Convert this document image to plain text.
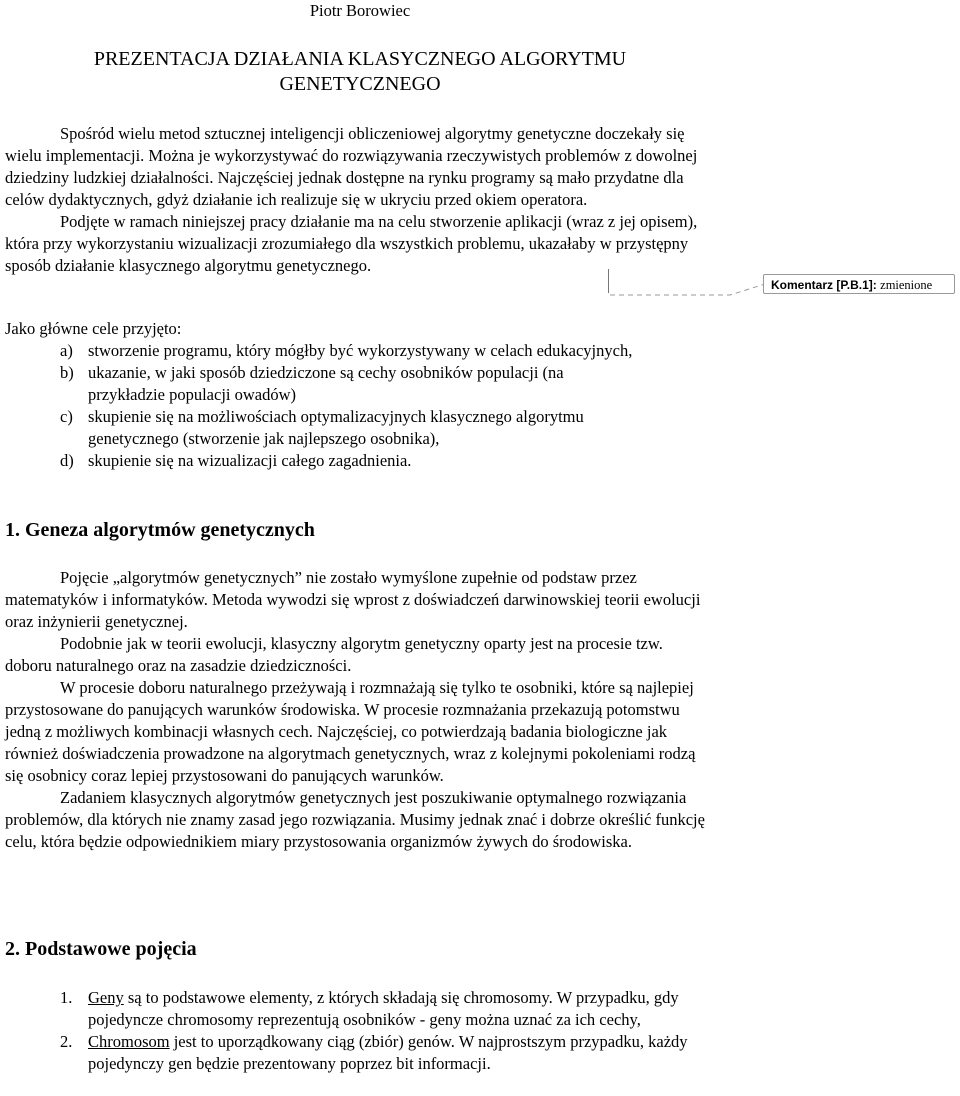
Piotr Borowiec
PREZENTACJA DZIAŁANIA KLASYCZNEGO ALGORYTMU
GENETYCZNEGO

Spośród wielu metod sztucznej inteligencji obliczeniowej algorytmy genetyczne doczekały się wielu implementacji. Można je wykorzystywać do rozwiązywania rzeczywistych problemów z dowolnej dziedziny ludzkiej działalności. Najczęściej jednak dostępne na rynku programy są mało przydatne dla celów dydaktycznych, gdyż działanie ich realizuje się w ukryciu przed okiem operatora.

Podjęte w ramach niniejszej pracy działanie ma na celu stworzenie aplikacji (wraz z jej opisem), która przy wykorzystaniu wizualizacji zrozumiałego dla wszystkich problemu, ukazałaby w przystępny sposób działanie klasycznego algorytmu genetycznego.

Komentarz [P.B.1]: zmienione

Jako główne cele przyjęto:

a) stworzenie programu, który mógłby być wykorzystywany w celach edukacyjnych,
b) ukazanie, w jaki sposób dziedziczone są cechy osobników populacji (na przykładzie populacji owadów)
c) skupienie się na możliwościach optymalizacyjnych klasycznego algorytmu genetycznego (stworzenie jak najlepszego osobnika),
d) skupienie się na wizualizacji całego zagadnienia.
1. Geneza algorytmów genetycznych

Pojęcie „algorytmów genetycznych” nie zostało wymyślone zupełnie od podstaw przez matematyków i informatyków. Metoda wywodzi się wprost z doświadczeń darwinowskiej teorii ewolucji oraz inżynierii genetycznej.

Podobnie jak w teorii ewolucji, klasyczny algorytm genetyczny oparty jest na procesie tzw. doboru naturalnego oraz na zasadzie dziedziczności.

W procesie doboru naturalnego przeżywają i rozmnażają się tylko te osobniki, które są najlepiej przystosowane do panujących warunków środowiska. W procesie rozmnażania przekazują potomstwu jedną z możliwych kombinacji własnych cech. Najczęściej, co potwierdzają badania biologiczne jak również doświadczenia prowadzone na algorytmach genetycznych, wraz z kolejnymi pokoleniami rodzą się osobnicy coraz lepiej przystosowani do panujących warunków.

Zadaniem klasycznych algorytmów genetycznych jest poszukiwanie optymalnego rozwiązania problemów, dla których nie znamy zasad jego rozwiązania. Musimy jednak znać i dobrze określić funkcję celu, która będzie odpowiednikiem miary przystosowania organizmów żywych do środowiska.

2. Podstawowe pojęcia
1. Geny są to podstawowe elementy, z których składają się chromosomy. W przypadku, gdy pojedyncze chromosomy reprezentują osobników - geny można uznać za ich cechy,
2. Chromosom jest to uporządkowany ciąg (zbiór) genów. W najprostszym przypadku, każdy pojedynczy gen będzie prezentowany poprzez bit informacji.
